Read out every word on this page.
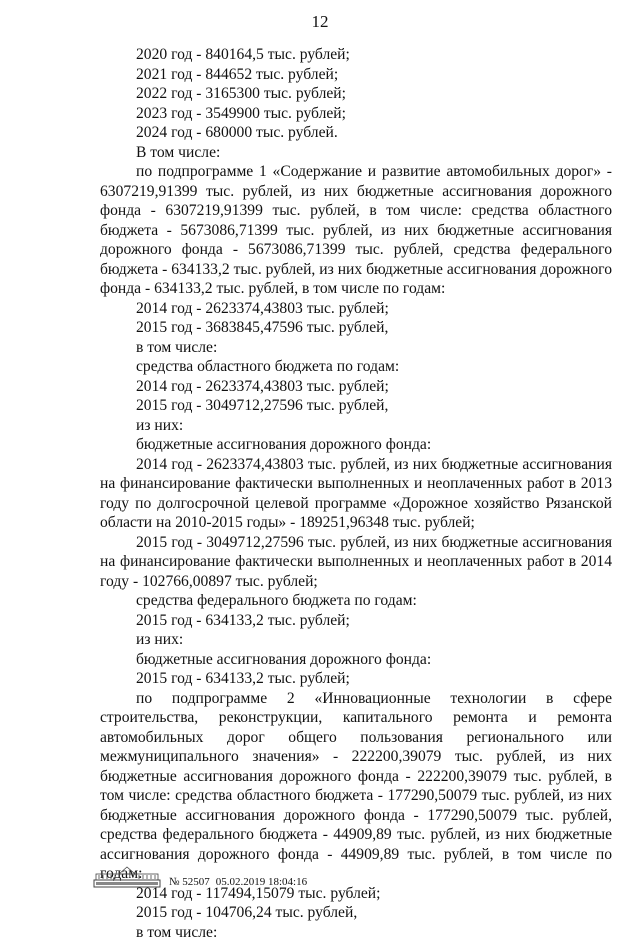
12

2020 год - 840164,5 тыс. рублей;

2021 год - 844652 тыс. рублей;

2022 год - 3165300 тыс. рублей;

2023 год - 3549900 тыс. рублей;

2024 год - 680000 тыс. рублей.

В том числе:

по подпрограмме 1 «Содержание и развитие автомобильных дорог» - 6307219,91399 тыс. рублей, из них бюджетные ассигнования дорожного фонда - 6307219,91399 тыс. рублей, в том числе: средства областного бюджета - 5673086,71399 тыс. рублей, из них бюджетные ассигнования дорожного фонда - 5673086,71399 тыс. рублей, средства федерального бюджета - 634133,2 тыс. рублей, из них бюджетные ассигнования дорожного фонда - 634133,2 тыс. рублей, в том числе по годам:

2014 год - 2623374,43803 тыс. рублей;

2015 год - 3683845,47596 тыс. рублей,

в том числе:

средства областного бюджета по годам:

2014 год - 2623374,43803 тыс. рублей;

2015 год - 3049712,27596 тыс. рублей,

из них:

бюджетные ассигнования дорожного фонда:

2014 год - 2623374,43803 тыс. рублей, из них бюджетные ассигнования на финансирование фактически выполненных и неоплаченных работ в 2013 году по долгосрочной целевой программе «Дорожное хозяйство Рязанской области на 2010-2015 годы» - 189251,96348 тыс. рублей;

2015 год - 3049712,27596 тыс. рублей, из них бюджетные ассигнования на финансирование фактически выполненных и неоплаченных работ в 2014 году - 102766,00897 тыс. рублей;

средства федерального бюджета по годам:

2015 год - 634133,2 тыс. рублей;

из них:

бюджетные ассигнования дорожного фонда:

2015 год - 634133,2 тыс. рублей;

по подпрограмме 2 «Инновационные технологии в сфере строительства, реконструкции, капитального ремонта и ремонта автомобильных дорог общего пользования регионального или межмуниципального значения» - 222200,39079 тыс. рублей, из них бюджетные ассигнования дорожного фонда - 222200,39079 тыс. рублей, в том числе: средства областного бюджета - 177290,50079 тыс. рублей, из них бюджетные ассигнования дорожного фонда - 177290,50079 тыс. рублей, средства федерального бюджета - 44909,89 тыс. рублей, из них бюджетные ассигнования дорожного фонда - 44909,89 тыс. рублей, в том числе по годам:

2014 год - 117494,15079 тыс. рублей;

2015 год - 104706,24 тыс. рублей,

в том числе:

№ 52507 05.02.2019 18:04:16
